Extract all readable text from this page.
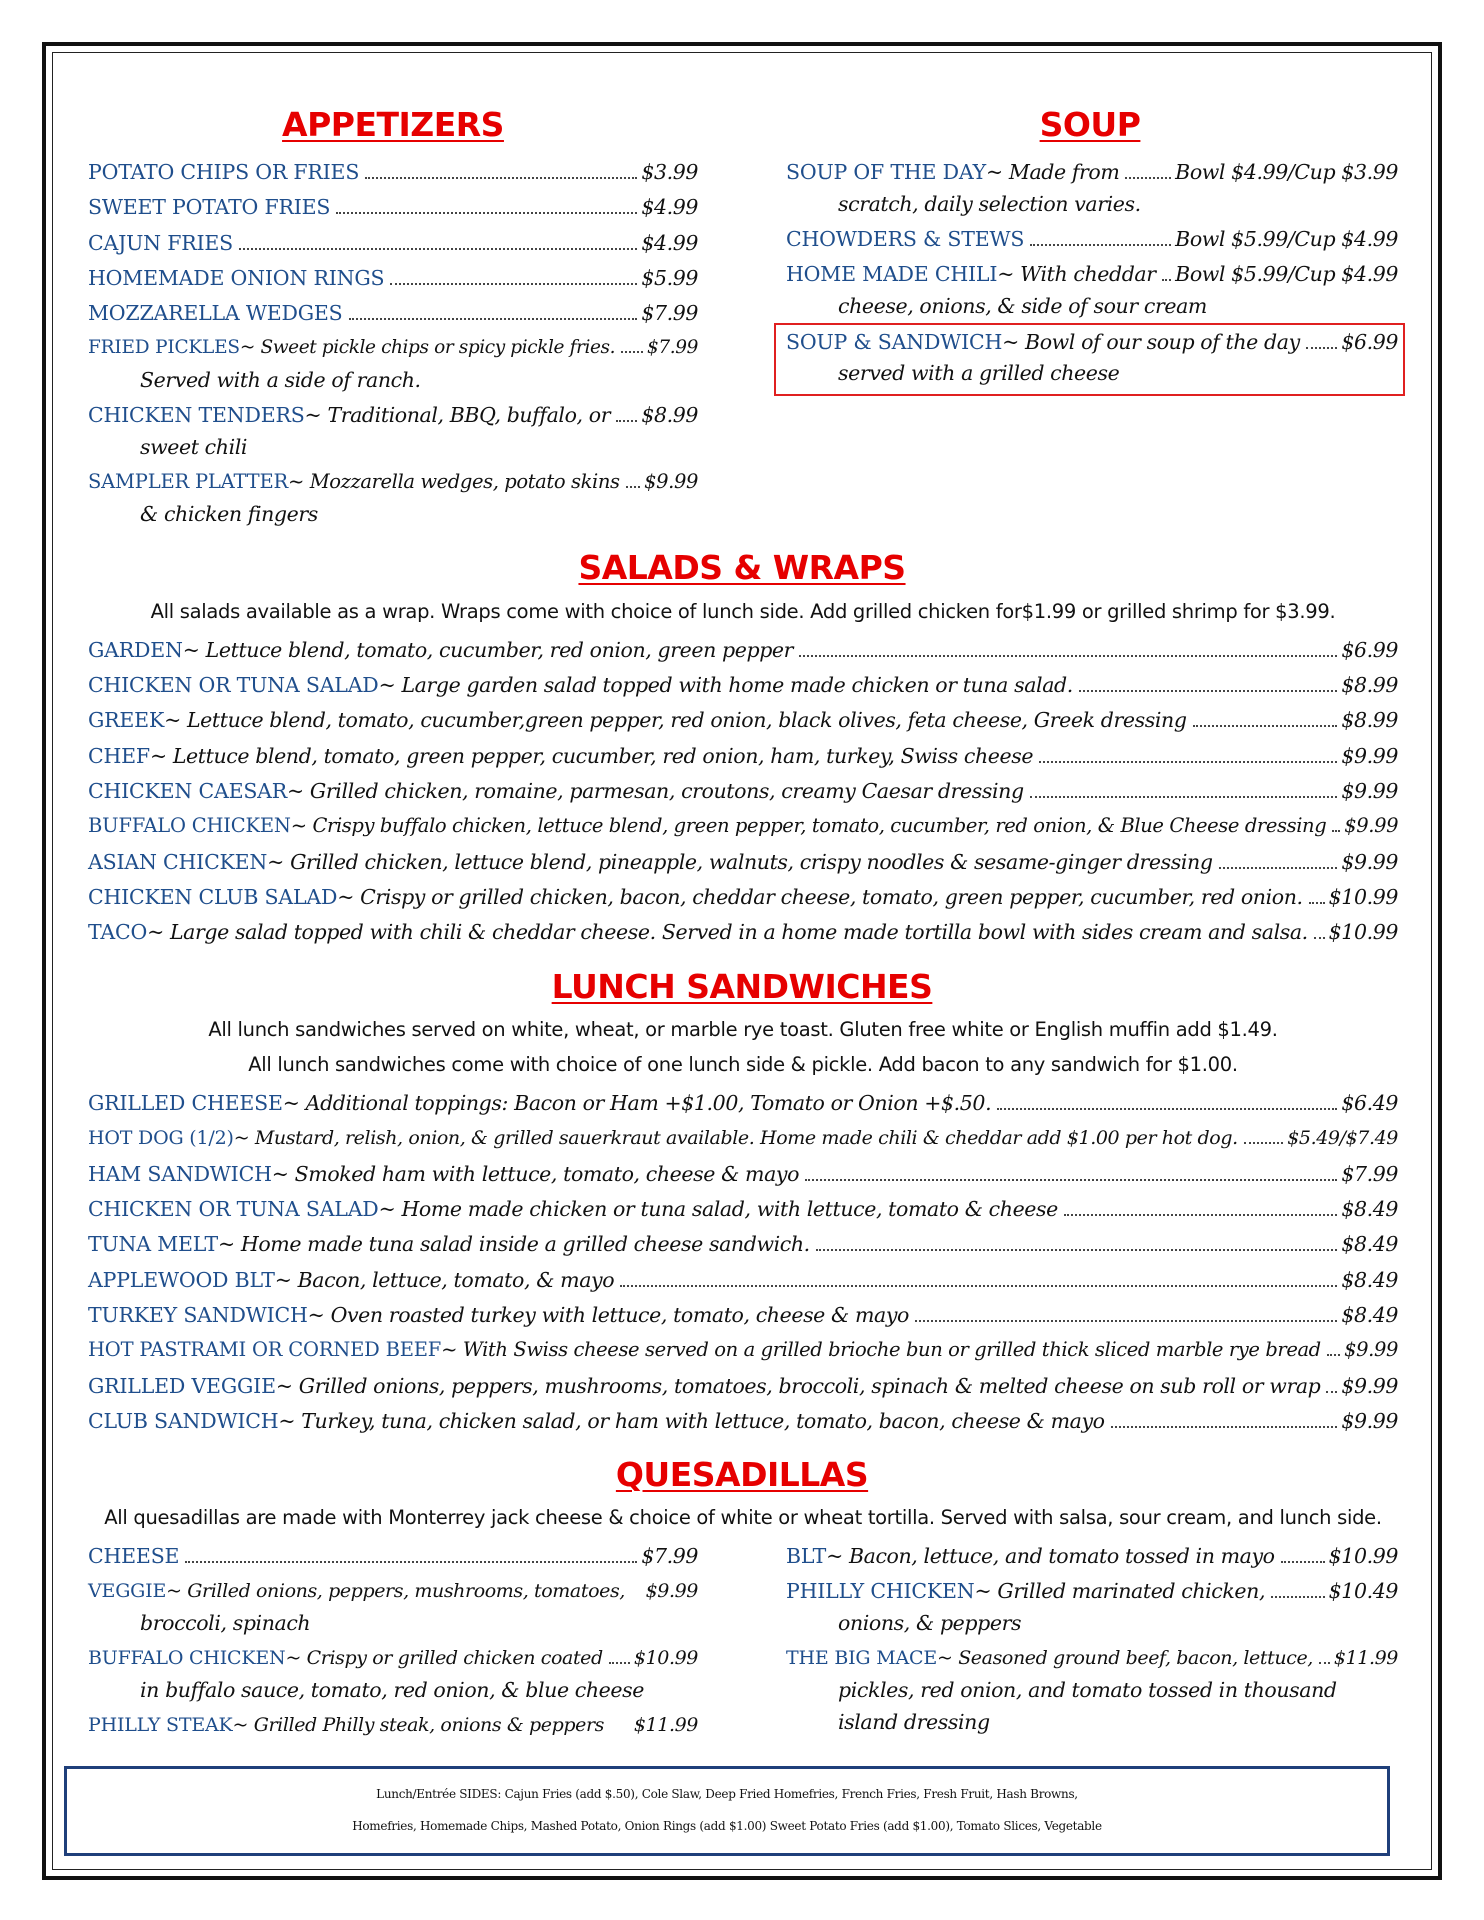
APPETIZERS
POTATO CHIPS OR FRIES	$3.99
SWEET POTATO FRIES	$4.99
CAJUN FRIES	$4.99
HOMEMADE ONION RINGS	$5.99
MOZZARELLA WEDGES	$7.99
FRIED PICKLES ~ Sweet pickle chips or spicy pickle fries. $7.99
Served with a side of ranch.
CHICKEN TENDERS ~ Traditional, BBQ, buffalo, or $8.99
sweet chili
SAMPLER PLATTER ~ Mozzarella wedges, potato skins $9.99
& chicken fingers
SOUP
SOUP OF THE DAY ~ Made from	Bowl $4.99/Cup $3.99
scratch, daily selection varies.
CHOWDERS & STEWS	Bowl $5.99/Cup $4.99
HOME MADE CHILI ~ With cheddar Bowl $5.99/Cup $4.99
cheese, onions, & side of sour cream
SOUP & SANDWICH ~ Bowl of our soup of the day $6.99
served with a grilled cheese
SALADS & WRAPS
All salads available as a wrap. Wraps come with choice of lunch side. Add grilled chicken for$1.99 or grilled shrimp for $3.99.
GARDEN ~ Lettuce blend, tomato, cucumber, red onion, green pepper	$6.99
CHICKEN OR TUNA SALAD ~ Large garden salad topped with home made chicken or tuna salad.	$8.99
GREEK ~ Lettuce blend, tomato, cucumber,green pepper, red onion, black olives, feta cheese, Greek dressing	$8.99
CHEF ~ Lettuce blend, tomato, green pepper, cucumber, red onion, ham, turkey, Swiss cheese	$9.99
CHICKEN CAESAR ~ Grilled chicken, romaine, parmesan, croutons, creamy Caesar dressing	$9.99
BUFFALO CHICKEN ~ Crispy buffalo chicken, lettuce blend, green pepper, tomato, cucumber, red onion, & Blue Cheese dressing $9.99
ASIAN CHICKEN ~ Grilled chicken, lettuce blend, pineapple, walnuts, crispy noodles & sesame-ginger dressing	$9.99
CHICKEN CLUB SALAD ~ Crispy or grilled chicken, bacon, cheddar cheese, tomato, green pepper, cucumber, red onion. $10.99
TACO ~ Large salad topped with chili & cheddar cheese. Served in a home made tortilla bowl with sides cream and salsa. $10.99
LUNCH SANDWICHES
All lunch sandwiches served on white, wheat, or marble rye toast. Gluten free white or English muffin add $1.49.
All lunch sandwiches come with choice of one lunch side & pickle. Add bacon to any sandwich for $1.00.
GRILLED CHEESE ~ Additional toppings: Bacon or Ham +$1.00, Tomato or Onion +$.50.	$6.49
HOT DOG (1/2) ~ Mustard, relish, onion, & grilled sauerkraut available. Home made chili & cheddar add $1.00 per hot dog.	$5.49/$7.49
HAM SANDWICH ~ Smoked ham with lettuce, tomato, cheese & mayo	$7.99
CHICKEN OR TUNA SALAD ~ Home made chicken or tuna salad, with lettuce, tomato & cheese	$8.49
TUNA MELT ~ Home made tuna salad inside a grilled cheese sandwich.	$8.49
APPLEWOOD BLT ~ Bacon, lettuce, tomato, & mayo	$8.49
TURKEY SANDWICH ~ Oven roasted turkey with lettuce, tomato, cheese & mayo	$8.49
HOT PASTRAMI OR CORNED BEEF ~ With Swiss cheese served on a grilled brioche bun or grilled thick sliced marble rye bread $9.99
GRILLED VEGGIE ~ Grilled onions, peppers, mushrooms, tomatoes, broccoli, spinach & melted cheese on sub roll or wrap $9.99
CLUB SANDWICH ~ Turkey, tuna, chicken salad, or ham with lettuce, tomato, bacon, cheese & mayo	$9.99
QUESADILLAS
All quesadillas are made with Monterrey jack cheese & choice of white or wheat tortilla. Served with salsa, sour cream, and lunch side.
CHEESE	$7.99
VEGGIE ~ Grilled onions, peppers, mushrooms, tomatoes, $9.99
broccoli, spinach
BUFFALO CHICKEN ~ Crispy or grilled chicken coated $10.99
in buffalo sauce, tomato, red onion, & blue cheese
PHILLY STEAK ~ Grilled Philly steak, onions & peppers $11.99
BLT ~ Bacon, lettuce, and tomato tossed in mayo	$10.99
PHILLY CHICKEN ~ Grilled marinated chicken,	$10.49
onions, & peppers
THE BIG MACE ~ Seasoned ground beef, bacon, lettuce, $11.99
pickles, red onion, and tomato tossed in thousand
island dressing
Lunch/Entrée SIDES: Cajun Fries (add $.50), Cole Slaw, Deep Fried Homefries, French Fries, Fresh Fruit, Hash Browns,
Homefries, Homemade Chips, Mashed Potato, Onion Rings (add $1.00) Sweet Potato Fries (add $1.00), Tomato Slices, Vegetable
